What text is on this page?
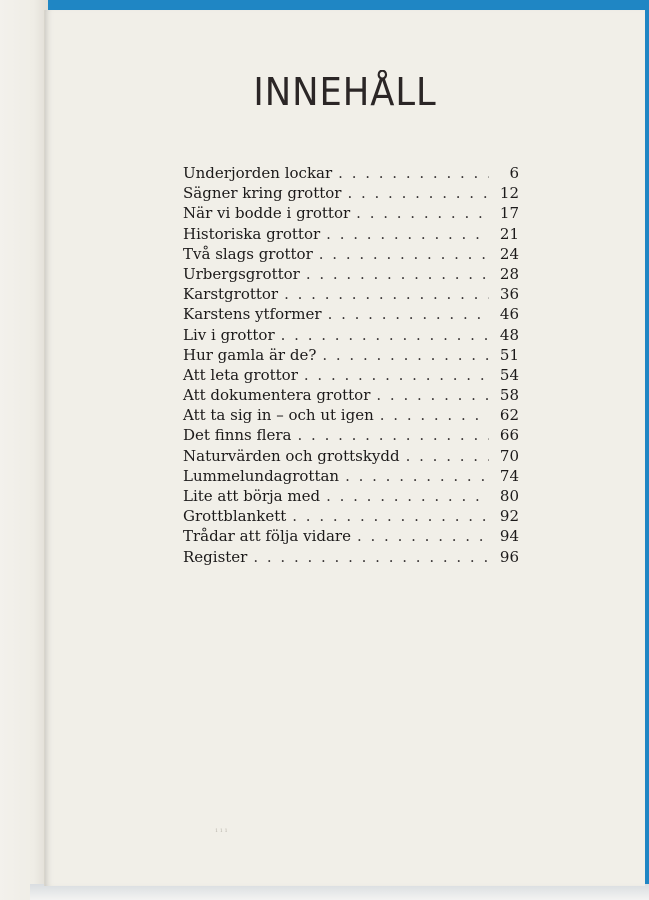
INNEHÅLL
Underjorden lockar . . .	6
Sägner kring grottor . . .	12
När vi bodde i grottor . . .	17
Historiska grottor . . .	21
Två slags grottor . . .	24
Urbergsgrottor . . .	28
Karstgrottor . . .	36
Karstens ytformer . . .	46
Liv i grottor . . .	48
Hur gamla är de? . . .	51
Att leta grottor . . .	54
Att dokumentera grottor . . .	58
Att ta sig in – och ut igen . . .	62
Det finns flera . . .	66
Naturvärden och grottskydd . . .	70
Lummelundagrottan . . .	74
Lite att börja med . . .	80
Grottblankett . . .	92
Trådar att följa vidare . . .	94
Register . . .	96
1 1 1
